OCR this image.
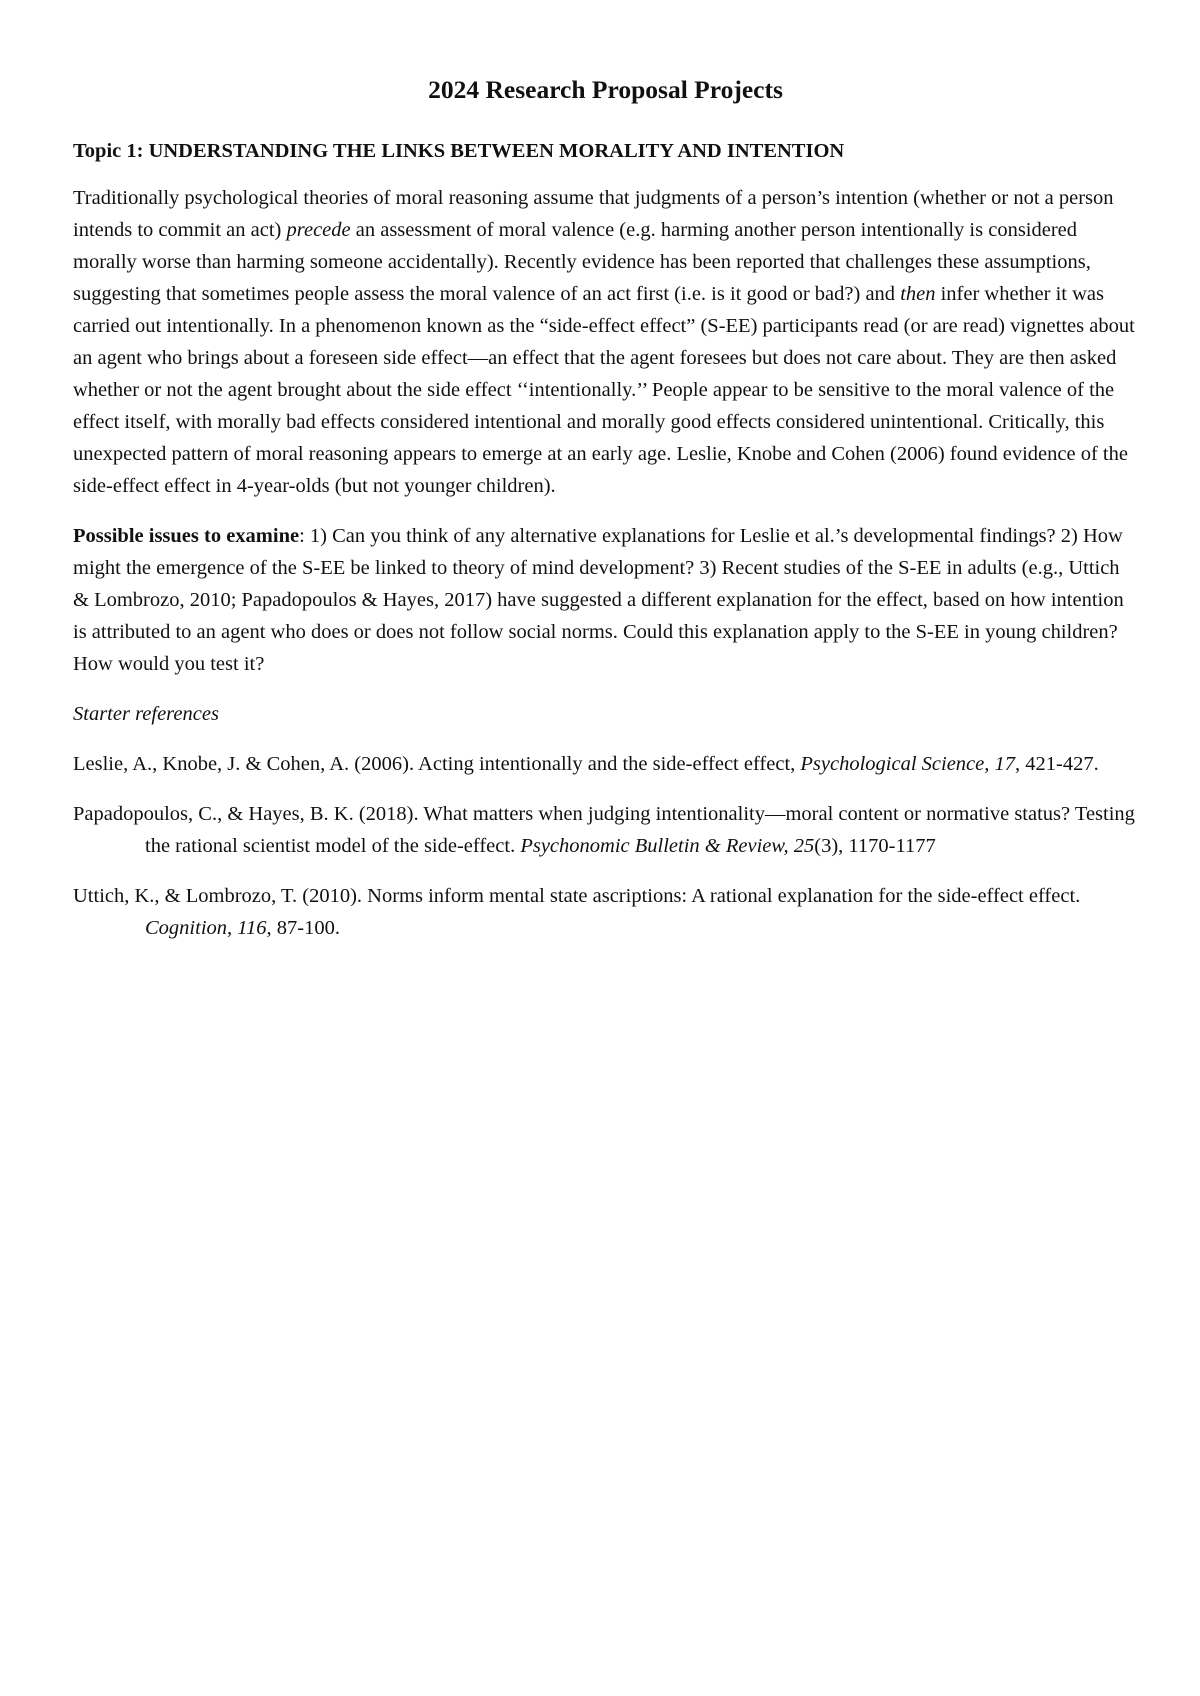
2024 Research Proposal Projects
Topic 1: UNDERSTANDING THE LINKS BETWEEN MORALITY AND INTENTION

Traditionally psychological theories of moral reasoning assume that judgments of a person’s intention (whether or not a person intends to commit an act) precede an assessment of moral valence (e.g. harming another person intentionally is considered morally worse than harming someone accidentally). Recently evidence has been reported that challenges these assumptions, suggesting that sometimes people assess the moral valence of an act first (i.e. is it good or bad?) and then infer whether it was carried out intentionally. In a phenomenon known as the “side-effect effect” (S-EE) participants read (or are read) vignettes about an agent who brings about a foreseen side effect—an effect that the agent foresees but does not care about. They are then asked whether or not the agent brought about the side effect ‘‘intentionally.’’ People appear to be sensitive to the moral valence of the effect itself, with morally bad effects considered intentional and morally good effects considered unintentional. Critically, this unexpected pattern of moral reasoning appears to emerge at an early age. Leslie, Knobe and Cohen (2006) found evidence of the side-effect effect in 4-year-olds (but not younger children).

Possible issues to examine: 1) Can you think of any alternative explanations for Leslie et al.’s developmental findings? 2) How might the emergence of the S-EE be linked to theory of mind development? 3) Recent studies of the S-EE in adults (e.g., Uttich & Lombrozo, 2010; Papadopoulos & Hayes, 2017) have suggested a different explanation for the effect, based on how intention is attributed to an agent who does or does not follow social norms. Could this explanation apply to the S-EE in young children? How would you test it?

Starter references
Leslie, A., Knobe, J. & Cohen, A. (2006). Acting intentionally and the side-effect effect, Psychological Science, 17, 421-427.
Papadopoulos, C., & Hayes, B. K. (2018). What matters when judging intentionality—moral content or normative status? Testing the rational scientist model of the side-effect. Psychonomic Bulletin & Review, 25(3), 1170-1177
Uttich, K., & Lombrozo, T. (2010). Norms inform mental state ascriptions: A rational explanation for the side-effect effect. Cognition, 116, 87-100.
